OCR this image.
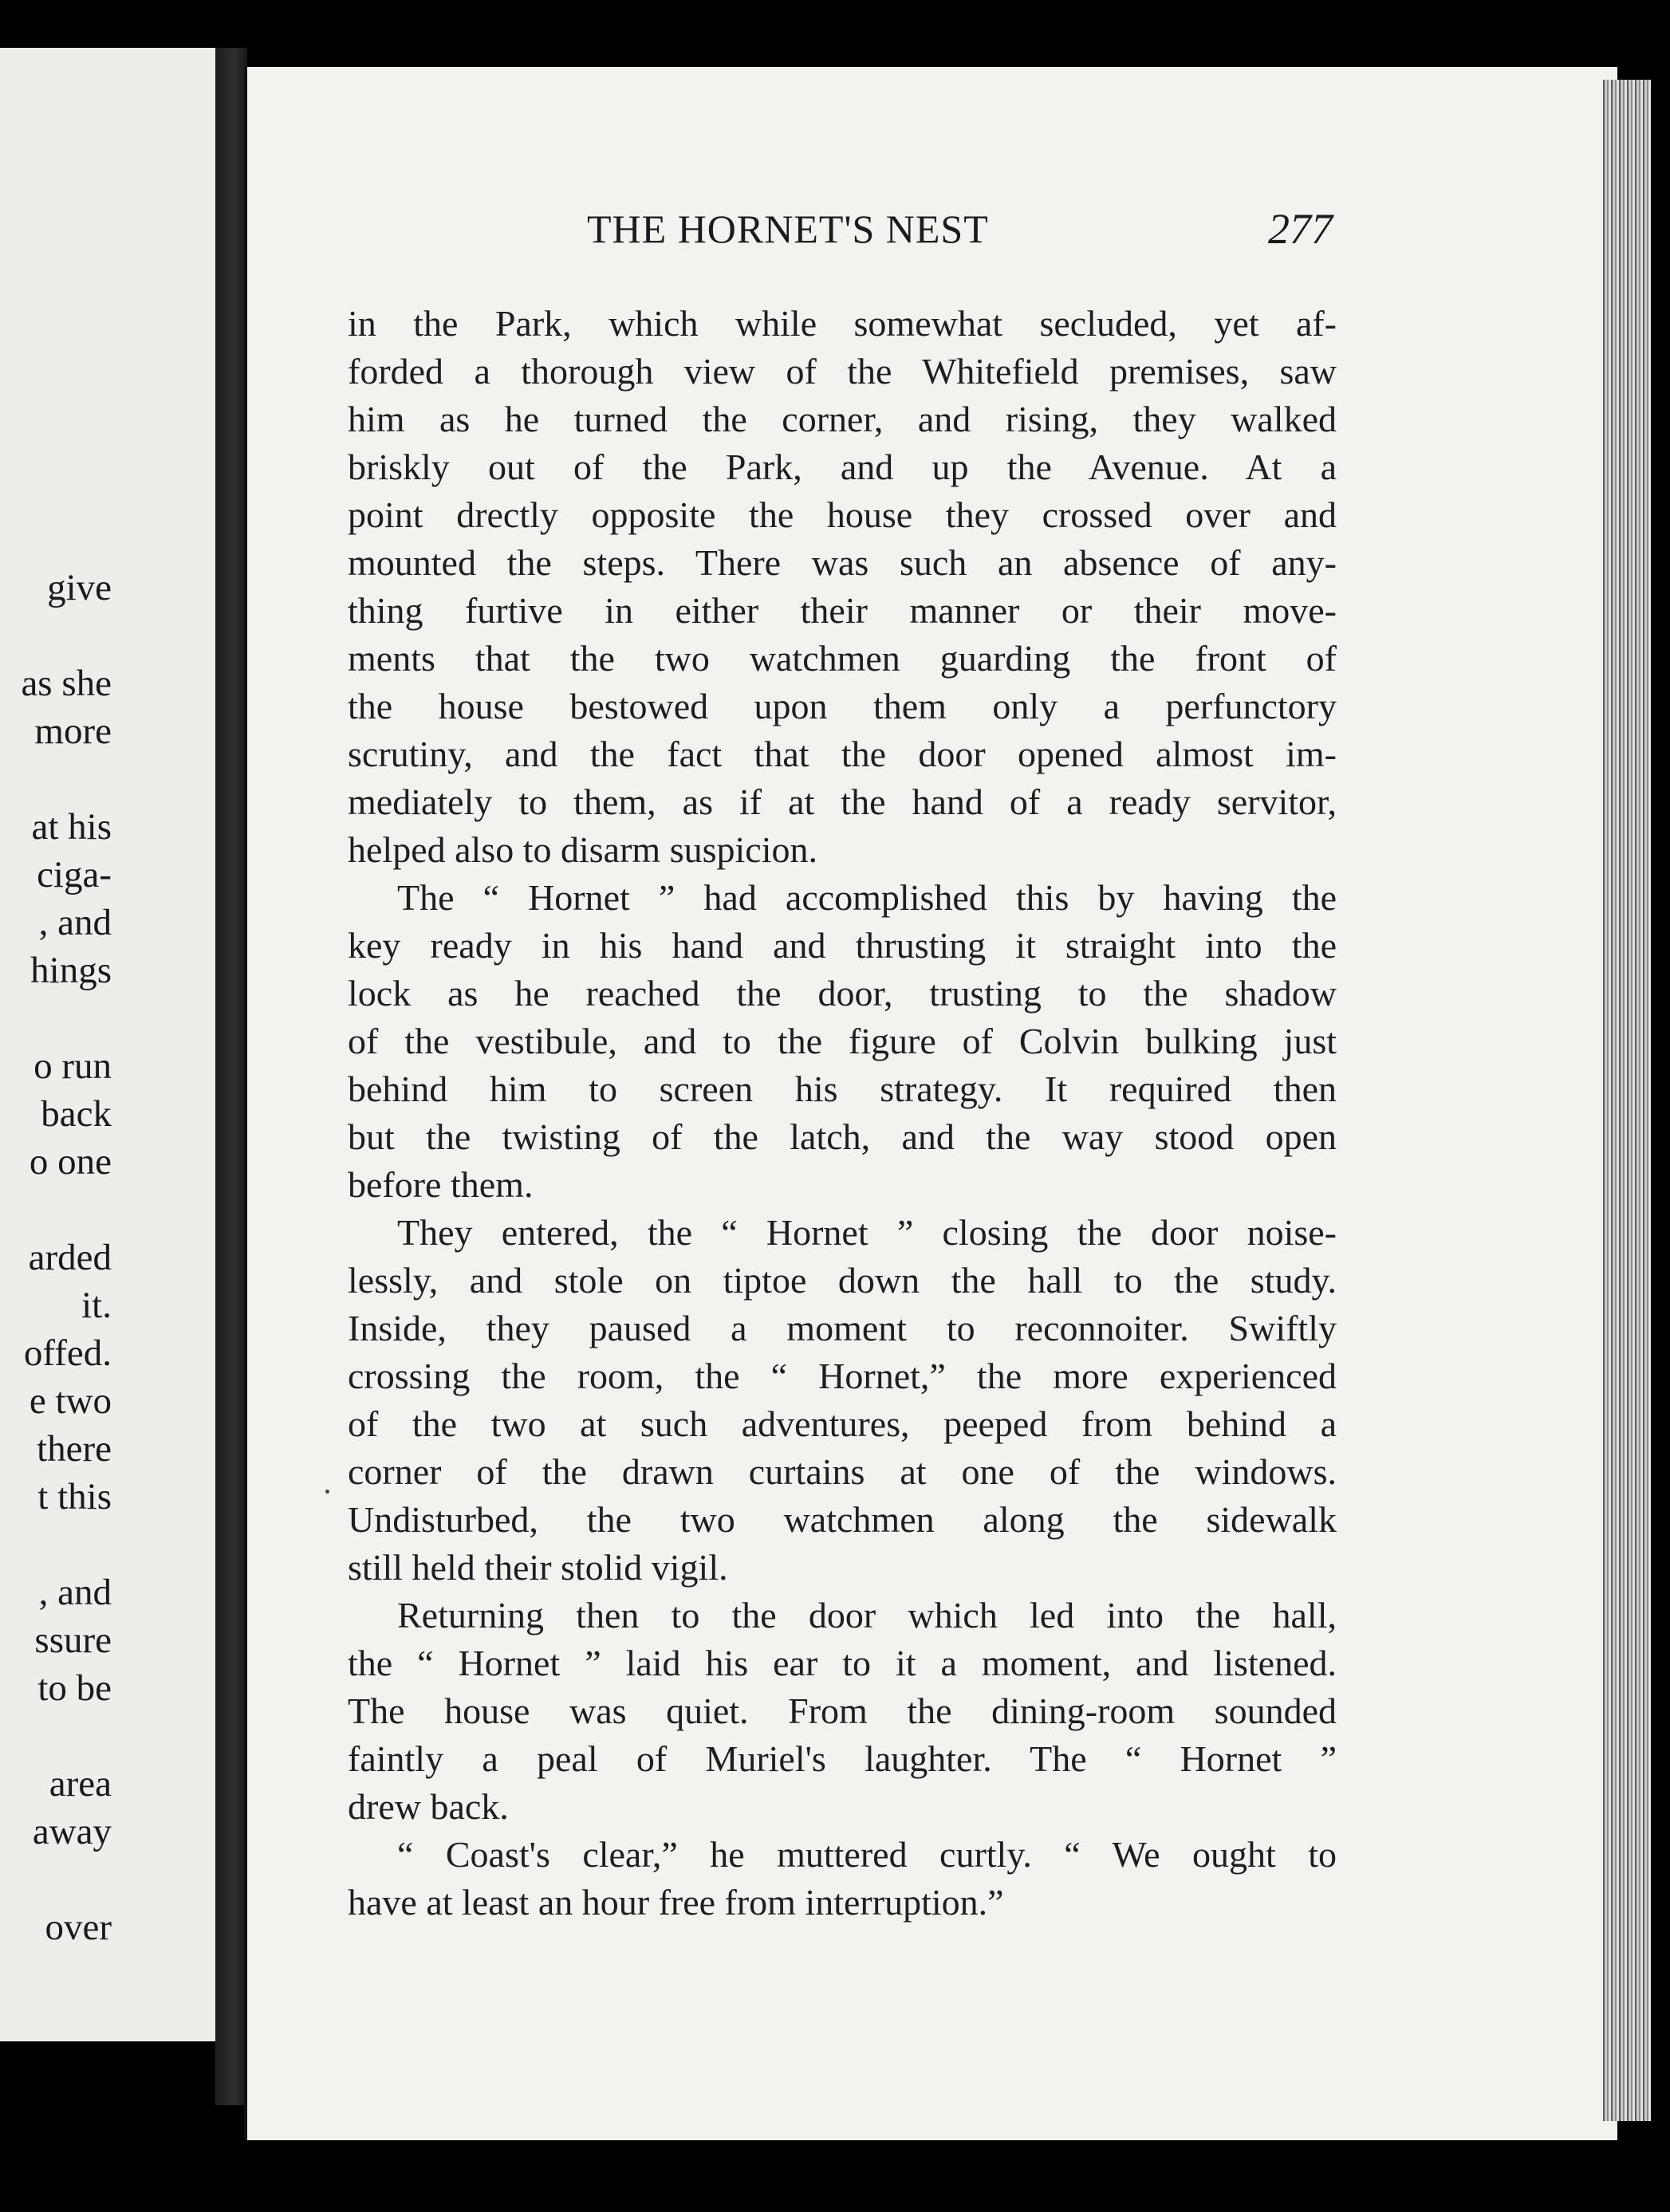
give
as she
more
at his
ciga-
, and
hings
o run
back
o one
arded
it.
offed.
e two
there
t this
, and
ssure
to be
area
away
over
THE HORNET'S NEST	277
in the Park, which while somewhat secluded, yet af-
forded a thorough view of the Whitefield premises, saw
him as he turned the corner, and rising, they walked
briskly out of the Park, and up the Avenue. At a
point drectly opposite the house they crossed over and
mounted the steps. There was such an absence of any-
thing furtive in either their manner or their move-
ments that the two watchmen guarding the front of
the house bestowed upon them only a perfunctory
scrutiny, and the fact that the door opened almost im-
mediately to them, as if at the hand of a ready servitor,
helped also to disarm suspicion.
The “ Hornet ” had accomplished this by having the
key ready in his hand and thrusting it straight into the
lock as he reached the door, trusting to the shadow
of the vestibule, and to the figure of Colvin bulking just
behind him to screen his strategy. It required then
but the twisting of the latch, and the way stood open
before them.
They entered, the “ Hornet ” closing the door noise-
lessly, and stole on tiptoe down the hall to the study.
Inside, they paused a moment to reconnoiter. Swiftly
crossing the room, the “ Hornet,” the more experienced
of the two at such adventures, peeped from behind a
corner of the drawn curtains at one of the windows.
Undisturbed, the two watchmen along the sidewalk
still held their stolid vigil.
Returning then to the door which led into the hall,
the “ Hornet ” laid his ear to it a moment, and listened.
The house was quiet. From the dining-room sounded
faintly a peal of Muriel's laughter. The “ Hornet ”
drew back.
“ Coast's clear,” he muttered curtly. “ We ought to
have at least an hour free from interruption.”
